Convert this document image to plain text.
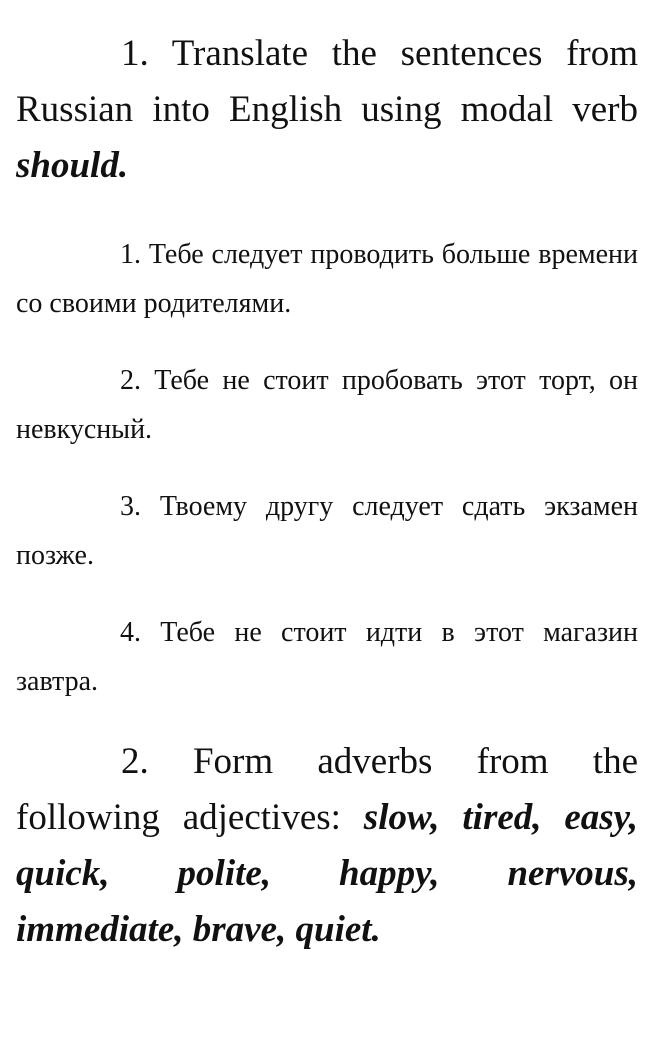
1. Translate the sentences from Russian into English using modal verb should.

1. Тебе следует проводить больше времени со своими родителями.

2. Тебе не стоит пробовать этот торт, он невкусный.

3. Твоему другу следует сдать экзамен позже.

4. Тебе не стоит идти в этот магазин завтра.

2. Form adverbs from the following adjectives: slow, tired, easy, quick, polite, happy, nervous, immediate, brave, quiet.
